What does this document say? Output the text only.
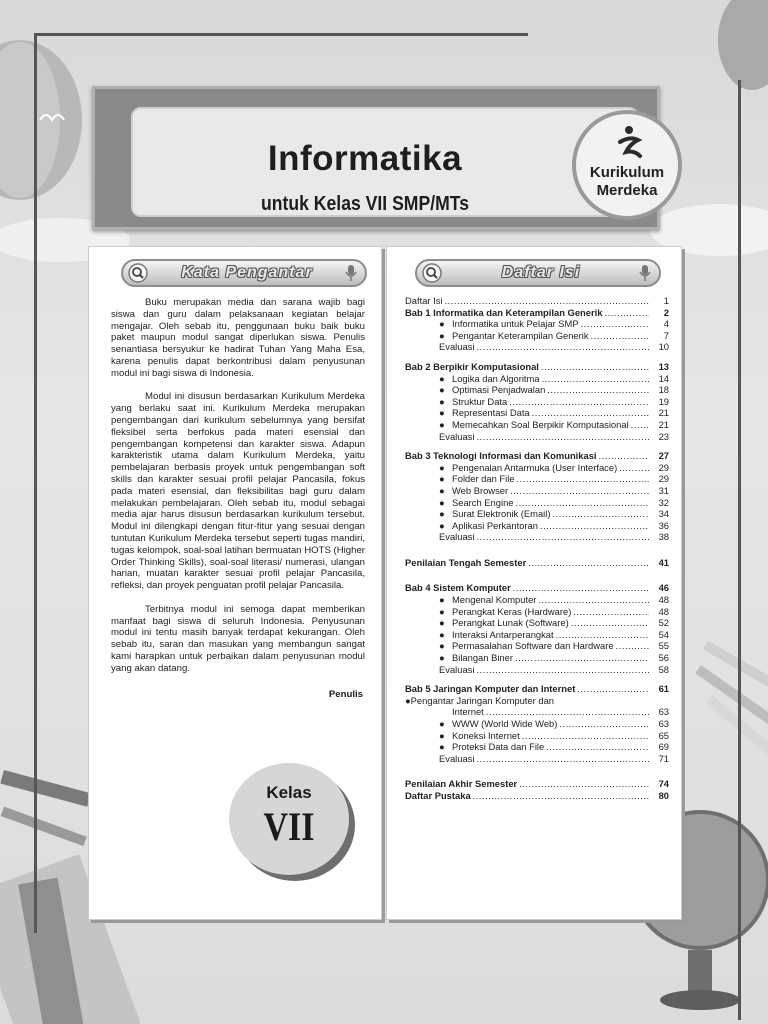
Informatika
untuk Kelas VII SMP/MTs
Kurikulum
Merdeka
Kata Pengantar

Buku merupakan media dan sarana wajib bagi siswa dan guru dalam pelaksanaan kegiatan belajar mengajar. Oleh sebab itu, penggunaan buku baik buku paket maupun modul sangat diperlukan siswa. Penulis senantiasa bersyukur ke hadirat Tuhan Yang Maha Esa, karena penulis dapat berkontribusi dalam penyusunan modul ini bagi siswa di Indonesia.

Modul ini disusun berdasarkan Kurikulum Merdeka yang berlaku saat ini. Kurikulum Merdeka merupakan pengembangan dari kurikulum sebelumnya yang bersifat fleksibel serta berfokus pada materi esensial dan pengembangan kompetensi dan karakter siswa. Adapun karakteristik utama dalam Kurikulum Merdeka, yaitu pembelajaran berbasis proyek untuk pengembangan soft skills dan karakter sesuai profil pelajar Pancasila, fokus pada materi esensial, dan fleksibilitas bagi guru dalam melakukan pembelajaran. Oleh sebab itu, modul sebagai media ajar harus disusun berdasarkan kurikulum tersebut. Modul ini dilengkapi dengan fitur-fitur yang sesuai dengan tuntutan Kurikulum Merdeka tersebut seperti tugas mandiri, tugas kelompok, soal-soal latihan bermuatan HOTS (Higher Order Thinking Skills), soal-soal literasi/ numerasi, ulangan harian, muatan karakter sesuai profil pelajar Pancasila, refleksi, dan proyek penguatan profil pelajar Pancasila.

Terbitnya modul ini semoga dapat memberikan manfaat bagi siswa di seluruh Indonesia. Penyusunan modul ini tentu masih banyak terdapat kekurangan. Oleh sebab itu, saran dan masukan yang membangun sangat kami harapkan untuk perbaikan dalam penyusunan modul yang akan datang.

Penulis
Kelas
VII
Daftar Isi
Daftar Isi .....	1
Bab 1 Informatika dan Keterampilan Generik .....	2
● Informatika untuk Pelajar SMP .....	4
● Pengantar Keterampilan Generik .....	7
Evaluasi .....	10
Bab 2 Berpikir Komputasional .....	13
● Logika dan Algoritma .....	14
● Optimasi Penjadwalan .....	18
● Struktur Data .....	19
● Representasi Data .....	21
● Memecahkan Soal Berpikir Komputasional .....	21
Evaluasi .....	23
Bab 3 Teknologi Informasi dan Komunikasi .....	27
● Pengenalan Antarmuka (User Interface) .....	29
● Folder dan File .....	29
● Web Browser .....	31
● Search Engine .....	32
● Surat Elektronik (Email) .....	34
● Aplikasi Perkantoran .....	36
Evaluasi .....	38
Penilaian Tengah Semester .....	41
Bab 4 Sistem Komputer .....	46
● Mengenal Komputer .....	48
● Perangkat Keras (Hardware) .....	48
● Perangkat Lunak (Software) .....	52
● Interaksi Antarperangkat .....	54
● Permasalahan Software dan Hardware .....	55
● Bilangan Biner .....	56
Evaluasi .....	58
Bab 5 Jaringan Komputer dan Internet .....	61
● Pengantar Jaringan Komputer dan
Internet .....	63
● WWW (World Wide Web) .....	63
● Koneksi Internet .....	65
● Proteksi Data dan File .....	69
Evaluasi .....	71
Penilaian Akhir Semester .....	74
Daftar Pustaka .....	80
